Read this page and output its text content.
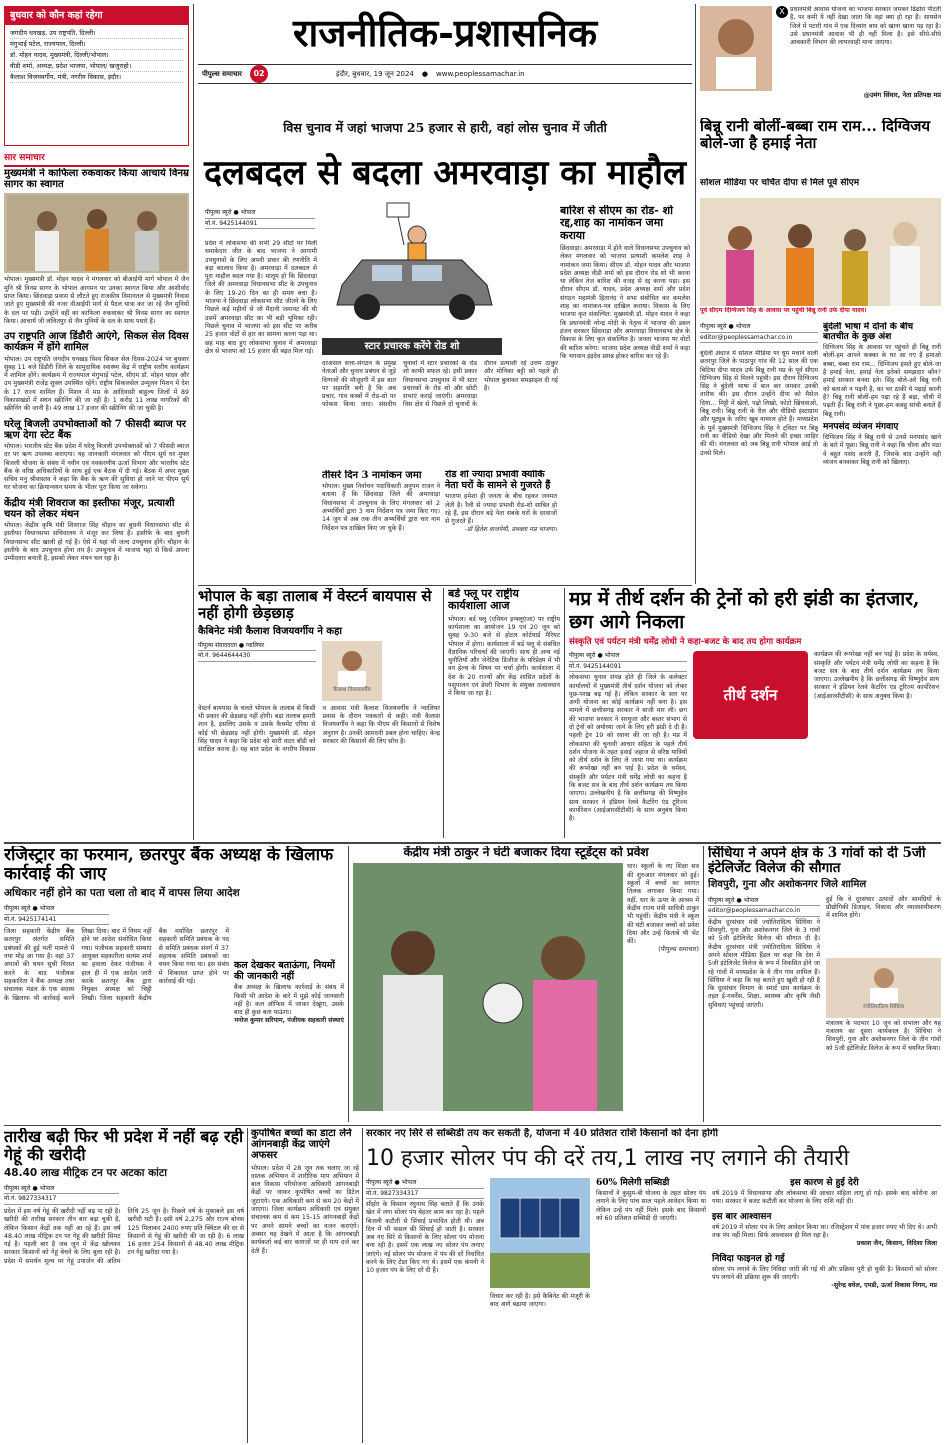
बुधवार को कौन कहां रहेगा
जगदीप धनखड़, उप राष्ट्रपति, दिल्ली।
मंगुभाई पटेल, राज्यपाल, दिल्ली।
डॉ. मोहन यादव, मुख्यमंत्री, दिल्ली/भोपाल।
वीडी शर्मा, अध्यक्ष, प्रदेश भाजपा, भोपाल/ खजुराहो।
कैलाश विजयवर्गीय, मंत्री, नगरीय विकास, इंदौर।
सार समाचार
मुख्यमंत्री ने काफिला रुकवाकर किया आचार्य विनम्र सागर का स्वागत
भोपाल। मुख्यमंत्री डॉ. मोहन यादव ने मंगलवार को बीआईपी मार्ग भोपाल में जैन मुनि श्री विनम्र सागर के भोपाल आगमन पर उनका स्वागत किया और आशीर्वाद प्राप्त किया। छिंदवाड़ा प्रवास से लौटते हुए राजकीय विमानतल से मुख्यमंत्री निवास जाते हुए मुख्यमंत्री की नजर वीआईपी मार्ग से पैदल यात्रा कर जा रहे जैन मुनियों के दल पर पड़ी। उन्होंने वहीं का काफिला रुकवाकर श्री विनम्र सागर का स्वागत किया। आचार्य जी ललितपुर से जैन मुनियों के दल के साथ पधारे हैं।
उप राष्ट्रपति आज डिंडौरी आएंगे, सिकल सेल दिवस कार्यक्रम में होंगे शामिल
भोपाल। उप राष्ट्रपति जगदीप धनखड़ विश्व सिकल सेल दिवस-2024 पर बुधवार सुबह 11 बजे डिंडौरी जिले के सामुदायिक स्वास्थ्य केंद्र में राष्ट्रीय स्तरीय कार्यक्रम में शामिल होंगे। कार्यक्रम में राज्यपाल मंगुभाई पटेल, सीएम डॉ. मोहन यादव और उप मुख्यमंत्री राजेंद्र शुक्ल उपस्थित रहेंगे। राष्ट्रीय सिकलसेल उन्मूलन मिशन में देश के 17 राज्य शामिल हैं। मिशन में मप्र के आदिवासी बाहुल्य जिलों में 89 विकासखंडों में सघन स्क्रीनिंग की जा रही है। 1 करोड़ 11 लाख नागरिकों की स्क्रीनिंग की जानी है। 49 लाख 17 हजार की स्क्रीनिंग की जा चुकी है।
घरेलू बिजली उपभोक्ताओं को 7 फीसदी ब्याज पर ऋण देगा स्टेट बैंक
भोपाल। भारतीय स्टेट बैंक प्रदेश में घरेलू बिजली उपभोक्ताओं को 7 फीसदी ब्याज दर पर ऋण उपलब्ध कराएगा। यह जानकारी मंगलवार को पीएम सूर्य घर मुफ्त बिजली योजना के संबंध में नवीन एवं नवकरणीय ऊर्जा विभाग और भारतीय स्टेट बैंक के वरिष्ठ अधिकारियों के साथ हुई एक बैठक में दी गई। बैठक में अपर मुख्य सचिव मनु श्रीवास्तव ने कहा कि बैंक के ऋण की सुविधा हो जाने पर पीएम सूर्य घर योजना का क्रियान्वयन समय के भीतर पूरा किया जा सकेगा।
केंद्रीय मंत्री शिवराज का इस्तीफा मंजूर, प्रत्याशी चयन को लेकर मंथन
भोपाल। केंद्रीय कृषि मंत्री शिवराज सिंह चौहान का बुधनी विधानसभा सीट से इस्तीफा विधानसभा सचिवालय ने मंजूर कर लिया है। इस्तीफे के बाद बुधनी विधानसभा सीट खाली हो गई है। ऐसे में यहां भी जल्द उपचुनाव होंगे। चौहान के इस्तीफे के बाद उपचुनाव होना तय है। उपचुनाव में भाजपा यहां से किसे अपना उम्मीदवार बनाती है, इसको लेकर मंथन चल रहा है।
राजनीतिक-प्रशासनिक
पीपुल्स समाचार	02	इंदौर, बुधवार, 19 जून 2024 ● www.peoplessamachar.in
विस चुनाव में जहां भाजपा 25 हजार से हारी, वहां लोस चुनाव में जीती
दलबदल से बदला अमरवाड़ा का माहौल
पीपुल्स ब्यूरो ● भोपाल
मो.नं. 9425144091
प्रदेश में लोकसभा की सभी 29 सीटों पर मिली धमाकेदार जीत के बाद भाजपा ने आगामी उपचुनावों के लिए अपनी प्रचार की रणनीति में बड़ा बदलाव किया है। अमरवाड़ा में दलबदल से पूरा माहौल बदल गया है। मालूम हो कि छिंदवाड़ा जिले की अमरवाड़ा विधानसभा सीट के उपचुनाव के लिए 19-20 दिन का ही समय बचा है। भाजपा ने छिंदवाड़ा लोकसभा सीट जीतने के लिए पिछले कई महीनों से जो मैदानी जमावट की थी उसमें अमरवाड़ा सीट का भी बड़ी भूमिका रही। पिछले चुनाव में भाजपा को इस सीट पर करीब 25 हजार वोटों से हार का सामना करना पड़ा था। छह माह बाद हुए लोकसभा चुनाव में अमरवाड़ा क्षेत्र से भाजपा को 15 हजार की बढ़त मिल गई।	स्टार प्रचारक करेंगे रोड शो
दरअसल सत्ता-संगठन के प्रमुख नेताओं और चुनाव प्रबंधन से जुड़े दिग्गजों की मौजूदगी में इस बात पर सहमति बनी है कि अब प्रचार, गांव कस्बों में रोड-शो पर फोकस किया जाए। संसदीय चुनावों में स्टार प्रचारकों के रोड शो काफी सफल रहे। इसी प्रकार विधानसभा उपचुनाव में भी स्टार प्रचारकों के रोड शो और छोटी सभाएं कराई जाएंगी। अमरवाड़ा विस क्षेत्र से पिछले दो चुनावों के दौरान प्रत्याशी रहे उत्तम ठाकुर और मोनिका बट्टी को पहले ही भोपाल बुलाकर समझाइश दी गई है।
बारिश से सीएम का रोड- शो रद्द,शाह का नामांकन जमा कराया
छिंदवाड़ा। अमरवाड़ा में होने वाले विधानसभा उपचुनाव को लेकर मंगलवार को भाजपा प्रत्याशी कमलेश शाह ने नामांकन जमा किया। सीएम डॉ. मोहन यादव और भाजपा प्रदेश अध्यक्ष वीडी शर्मा को इस दौरान रोड शो भी करना था लेकिन तेज बारिश की वजह से रद्द करना पड़ा। इस दौरान सीएम डॉ. यादव, प्रदेश अध्यक्ष शर्मा और प्रदेश संगठन महामंत्री हितानंद ने सभा संबोधित कर कमलेश शाह का नामांकन-पत्र दाखिल कराया। विकास के लिए भाजपा कृत संकल्पित: मुख्यमंत्री डॉ. मोहन यादव ने कहा कि प्रधानमंत्री नरेन्द्र मोदी के नेतृत्व में भाजपा की डबल इंजन सरकार छिंदवाड़ा और अमरवाड़ा विधानसभा क्षेत्र के विकास के लिए कृत संकल्पित है। जनता भाजपा पर वोटों की बारिश करेगा: भाजपा प्रदेश अध्यक्ष वीडी शर्मा ने कहा कि भगवान इंद्रदेव प्रसन्न होकर बारिश कर रहे हैं।
तीसरे दिन 3 नामांकन जमा
भोपाल। मुख्य निर्वाचन पदाधिकारी अनुपम राजन ने बताया है कि छिंदवाड़ा जिले की अमरवाड़ा विधानसभा में उपचुनाव के लिए मंगलवार को 2 अभ्यर्थियों द्वारा 3 नाम निर्देशन पत्र जमा किए गए। 14 जून से अब तक तीन अभ्यर्थियों द्वारा चार नाम निर्देशन पत्र दाखिल किए जा चुके हैं।
रोड शो ज्यादा प्रभावी क्योंकि नेता घरों के सामने से गुजरते हैं
भाजपा हमेशा ही जनता के बीच रहकर जनमत लेती है। रैली से ज्यादा प्रभावी रोड-शो साबित हो रहे हैं, इस दौरान बड़े नेता सबके घरों के दरवाजों से गुजरते हैं।
-डॉ हितेश वाजपेयी, प्रवक्ता मप्र भाजपा।
X प्रधानमंत्री आवास योजना का भाजपा सरकार जमकर ढिंढोरा पीटती है, पर कमी ये नहीं देखा जाता कि वहां क्या हो रहा है। सायसेन जिले में पटारी गांव में एक दिव्यांग बाप को खाना खाना पड़ रहा है। उसे प्रधानमंत्री आवास भी ही नहीं मिला है। इसे सीधे-सीधे आबकारी विभाग की लापरवाही माना जाएगा।
@उमंग सिंघार, नेता प्रतिपक्ष मप्र
बिन्नू रानी बोलीं-बब्बा राम राम... दिग्विजय बोले-जा है हमाई नेता
सोशल मीडिया पर चर्चित दीपा से मिले पूर्व सीएम
पूर्व सीएम दिग्विजय सिंह के आवास पर पहुंचीं बिन्नू रानी उर्फ दीपा यादव।
पीपुल्स ब्यूरो ● भोपाल
editor@peoplessamachar.co.in
बुंदेली अंदाज में सोशल मीडिया पर धूम मचाने वाली छतरपुर जिले के पाठापुर गांव की 12 साल की एक बिटिया दीपा यादव उर्फ बिन्नू रानी मप्र के पूर्व सीएम दिग्विजय सिंह से मिलने पहुंची। इस दौरान दिग्विजय सिंह ने बुंदेली भाषा में बात कर जमकर उनकी तारीफ की। इस दौरान उन्होंने दीपा को मैसेज दिया... मिट्टी में खेलो, पढ़ो लिखो, फोटो खिंचवाओ, बिन्नू रानी। बिन्नू रानी के रील और वीडियो इंस्टाग्राम और यूट्यूब के जरिए खूब वायरल होते हैं। मध्यप्रदेश के पूर्व मुख्यमंत्री दिग्विजय सिंह ने ट्विटर पर बिन्नू रानी का वीडियो देखा और मिलने की इच्छा जाहिर की थी। मंगलवार को जब बिन्नू रानी भोपाल आई तो उनसे मिले।
बुंदेली भाषा में दोनों के बीच बातचीत के कुछ अंश
दिग्विजय सिंह के आवास पर पहुंचते ही बिन्नू रानी बोलीं-हम आपने कक्का के घर आ गए हैं हमाओ बब्बा, बब्बा राम राम... दिग्विजय हंसते हुए बोले-जा है हमाई नेता, हमाई नेता इतेको समझदार कौन? हमाई सरकार बनवा हते। सिंह बोले-अरे बिन्नू रानी को बताओ न पढ़नी है, का भर ठाकी ये पढ़ाई करनी है? बिन्नू रानी बोलीं-हम पढ़ा रहे हैं बढ़ा, चौथी में पढ़ती हैं। बिन्नू रानी ने पूछा-हम कबहु सांची बनाते हैं बिन्नू रानी।
मनपसंद व्यंजन मंगवाए
दिग्विजय सिंह ने बिन्नू रानी से उनसे मनपसंद खाने के बारे में पूछा। बिन्नू रानी ने कहा कि चीला और मठा वे बहुत पसंद करती हैं, जिसके बाद उन्होंने वही व्यंजन बनवाकर बिन्नू रानी को खिलाए।
भोपाल के बड़ा तालाब में वेस्टर्न बायपास से नहीं होगी छेड़छाड़
कैबिनेट मंत्री कैलाश विजयवर्गीय ने कहा
पीपुल्स संवाददाता ● ग्वालियर
मो.नं. 9644644430
कैलाश विजयवर्गीय
वेस्टर्न बायपास के चलते भोपाल के तालाब से किसी भी प्रकार की छेड़छाड़ नहीं होगी। बड़ा तालाब हमारी शान है, इसलिए उसके व उसके कैचमेंट एरिया से कोई भी छेड़छाड़ नहीं होगी। मुख्यमंत्री डॉ. मोहन सिंह यादव ने कहा कि प्रदेश को सारी वाटर बॉडी को संरक्षित करना है। यह बात प्रदेश के नगरीय विकास व आवास मंत्री कैलाश विजयवर्गीय ने ग्वालियर प्रवास के दौरान पत्रकारों से कही। मंत्री कैलाश विजयवर्गीय ने कहा कि पीएम की किसानों से विशेष अनुराग है। उनकी आमदनी डबल होना चाहिए। केन्द्र सरकार की किसानों की लिए सोच है।
बर्ड फ्लू पर राष्ट्रीय कार्यशाला आज
भोपाल। बर्ड फ्लू (एवियन इन्फ्लूएंजा) पर राष्ट्रीय कार्यशाला का आयोजन 19 एवं 20 जून को सुबह 9:30 बजे से होटल कोर्टयार्ड मैरियट भोपाल में होगा। कार्यशाला में बर्ड फ्लू से संबंधित वैज्ञानिक परिचर्चा की जाएगी। साथ ही अन्य नई चुनौतियों और जेनेटिक डिजीज के परिप्रेक्ष्य में भी वन हेल्थ के विषय पर चर्चा होगी। कार्यशाला में देश के 20 राज्यों और केंद्र शासित प्रदेशों के पशुपालन एवं डेयरी विभाग के संयुक्त तत्वावधान में किया जा रहा है।
मप्र में तीर्थ दर्शन की ट्रेनों को हरी झंडी का इंतजार, छग आगे निकला
संस्कृति एवं पर्यटन मंत्री धर्मेंद्र लोधी ने कहा-बजट के बाद तय होगा कार्यक्रम
पीपुल्स ब्यूरो ● भोपाल
मो.नं. 9425144091
लोकसभा चुनाव संपन्न होते ही जिले के कलेक्टर कार्यालयों में मुख्यमंत्री तीर्थ दर्शन योजना को लेकर पूछ-परख बढ़ गई है। लेकिन सरकार के स्तर पर अभी योजना का कोई कार्यक्रम नहीं बना है। इस मामले में छत्तीसगढ़ सरकार ने बाजी मार ली। छग की भाजपा सरकार ने सरयुजा और बस्तर संभाग से दो ट्रेनों को अयोध्या जाने के लिए हरी झंडी दे दी है। पहली ट्रेन 19 को रवाना की जा रही है। मप्र में लोकसभा की चुनावी आचार संहिता के पहले तीर्थ दर्शन योजना के तहत हवाई जहाज से वरिष्ठ यात्रियों को तीर्थ दर्शन के लिए ले जाया गया था। कार्यक्रम की रूपरेखा नहीं बन पाई है। प्रदेश के धर्मस्व, संस्कृति और पर्यटन मंत्री धर्मेंद्र लोधी का कहना है कि बजट सत्र के बाद तीर्थ दर्शन कार्यक्रम तय किया जाएगा। उल्लेखनीय है कि छत्तीसगढ़ की विष्णुदेव साय सरकार ने इंडियन रेलवे कैटरिंग एंड टूरिज्म कार्पोरेशन (आईआरसीटीसी) के साथ अनुबंध किया है।
तीर्थ दर्शन
कार्यक्रम की रूपरेखा नहीं बन पाई है। प्रदेश के धर्मस्व, संस्कृति और पर्यटन मंत्री धर्मेंद्र लोधी का कहना है कि बजट सत्र के बाद तीर्थ दर्शन कार्यक्रम तय किया जाएगा। उल्लेखनीय है कि छत्तीसगढ़ की विष्णुदेव साय सरकार ने इंडियन रेलवे कैटरिंग एंड टूरिज्म कार्पोरेशन (आईआरसीटीसी) के साथ अनुबंध किया है।
रजिस्ट्रार का फरमान, छतरपुर बैंक अध्यक्ष के खिलाफ कार्रवाई की जाए
अधिकार नहीं होने का पता चला तो बाद में वापस लिया आदेश
पीपुल्स ब्यूरो ● भोपाल
मो.नं. 9425174141
जिला सहकारी केंद्रीय बैंक छतरपुर अंतर्गत समिति प्रबंधकों की हुई भर्ती मामले में नया मोड़ आ गया है। वहां 37 अपात्रों की चयन सूची निरस्त करने के बाद पंजीयक सहकारिता ने बैंक अध्यक्ष तथा संचालक मंडल के एक सदस्य के खिलाफ भी कार्रवाई करने लिखा दिया। बाद में नियम नहीं होने पर आदेश संशोधित किया गया। पंजीयक सहकारी संस्थाएं आयुक्त सहकारिता सत्यम शर्मा का हवाला देकर पंजीयक ने हाल ही में एक आदेश जारी करके छतरपुर बैंक द्वारा नियुक्त अध्यक्ष को चिट्ठी लिखी। जिला सहकारी केंद्रीय बैंक मर्यादित छतरपुर में सहकारी समिति प्रबंधक के पद से समिति प्रबंधक संवर्ग में 37 सहायक समिति प्रबंधकों का चयन किया गया था। इस संबंध में शिकायत प्राप्त होने पर कार्रवाई की गई।
कल देखकर बताऊंगा, नियमों की जानकारी नहीं
बैंक अध्यक्ष के खिलाफ कार्रवाई के संबंध में किसी भी आदेश के बारे में मुझे कोई जानकारी नहीं है। कल ऑफिस में जाकर देखूंगा, उसके बाद ही कुछ बता पाऊंगा।
मनोज कुमार सरियाम, पंजीयक सहकारी संस्थाएं
केंद्रीय मंत्री ठाकुर ने घंटी बजाकर दिया स्टूडेंट्स को प्रवेश
धार। स्कूलों के नए शिक्षा सत्र की शुरुआत मंगलवार को हुई। स्कूलों में बच्चों का स्वागत तिलक लगाकर किया गया। वहीं, धार के ऊपर के आश्रम में केंद्रीय राज्य मंत्री सावित्री ठाकुर भी पहुंचीं। केंद्रीय मंत्री ने स्कूल की घंटी बजाकर बच्चों को प्रवेश दिया और उन्हें किताबें भी भेंट कीं।
(पीपुल्स समाचार)
सिंधिया ने अपने क्षेत्र के 3 गांवों को दी 5जी इंटेलिजेंट विलेज की सौगात
शिवपुरी, गुना और अशोकनगर जिले शामिल
पीपुल्स ब्यूरो ● भोपाल
editor@peoplessamachar.co.in
केंद्रीय दूरसंचार मंत्री ज्योतिरादित्य सिंधिया ने शिवपुरी, गुना और अशोकनगर जिले के 3 गांवों को 5जी इंटेलिजेंट विलेज की सौगात दी है। केंद्रीय दूरसंचार मंत्री ज्योतिरादित्य सिंधिया ने अपने सोशल मीडिया हैंडल पर कहा कि देश में 5जी इंटेलिजेंट विलेज के रूप में विकसित होने जा रहे गांवों में मध्यप्रदेश के ये तीन गांव शामिल हैं। सिंधिया ने कहा कि यह बताते हुए खुशी हो रही है कि दूरसंचार विभाग के स्मार्ट ग्राम कार्यक्रम के तहत ई-गवर्नेंस, शिक्षा, स्वास्थ्य और कृषि जैसी सुविधाएं पहुंचाई जाएंगी।
हुई कि वे दूरसंचार उत्पादों और सामग्रियों के प्रौद्योगिकी डिजाइन, विकास और व्यावसायीकरण में शामिल होंगे।
ज्योतिरादित्य सिंधिया
मंत्रालय के पदभार 10 जून को संभाला और यह मंत्रालय का दूसरा कार्यकाल है। सिंधिया ने शिवपुरी, गुना और अशोकनगर जिले के तीन गांवों को 5जी इंटेलिजेंट विलेज के रूप में चयनित किया।
तारीख बढ़ी फिर भी प्रदेश में नहीं बढ़ रही गेहूं की खरीदी
48.40 लाख मीट्रिक टन पर अटका कांटा
पीपुल्स ब्यूरो ● भोपाल
मो.नं. 9827334317
प्रदेश में इस वर्ष गेहूं की खरीदी नहीं बढ़ पा रही है। खरीदी की तारीख सरकार तीन बार बढ़ा चुकी है, लेकिन किसान केंद्रों तक नहीं आ रहे हैं। इस वर्ष 48.40 लाख मीट्रिक टन पर गेहूं की खरीदी सिमट गई है। पहली बार है जब जून में केंद्र खोलकर सरकार किसानों को गेहूं बेचने के लिए बुला रही है। प्रदेश में समर्थन मूल्य पर गेहूं उपार्जन की अंतिम तिथि 25 जून है। पिछले वर्ष के मुकाबले इस वर्ष खरीदी घटी है। इसी वर्ष 2,275 और राज्य बोनस 125 मिलाकर 2400 रुपए प्रति क्विंटल की दर से किसानों से गेहूं की खरीदी की जा रही है। 6 लाख 16 हजार 254 किसानों से 48.40 लाख मीट्रिक टन गेहूं खरीदा गया है।
कुपोषित बच्चों का डाटा लेने आंगनबाड़ी केंद्र जाएंगे अफसर
भोपाल। प्रदेश में 28 जून तक चलाए जा रहे दस्तक अभियान में शारीरिक माप अभियान में बाल विकास परियोजना अधिकारी आंगनबाड़ी केंद्रों पर जाकर कुपोषित बच्चों का डिटेल जुटाएंगे। एक अधिकारी कम से कम 20 केंद्रों में जाएगा। जिला कार्यक्रम अधिकारी एवं संयुक्त संचालक कम से कम 15-15 आंगनबाड़ी केंद्रों पर अपने सामने बच्चों का वजन कराएंगे। अक्सर यह देखने में आता है कि आंगनबाड़ी कार्यकर्ता कई बार कागजों पर ही माप दर्ज कर देती हैं।
सरकार नए सिरे से सब्सिडी तय कर सकती है, योजना में 40 प्रतिशत राशि किसानों को देना होगी
10 हजार सोलर पंप की दरें तय,1 लाख नए लगाने की तैयारी
पीपुल्स ब्यूरो ● भोपाल
मो.नं. 9827334317
सीहोर के किसान रघुनाथ सिंह बताते हैं कि उनके खेत में लगा सोलर पंप बेहतर काम कर रहा है। पहले बिजली कटौती से सिंचाई प्रभावित होती थी। अब दिन में भी फसल की सिंचाई हो जाती है। सरकार अब नए सिरे से किसानों के लिए सोलर पंप योजना बना रही है। इसमें एक लाख नए सोलर पंप लगाए जाएंगे। नई सोलर पंप योजना में पंप की दरें निर्धारित करने के लिए टेंडर किए गए थे। इसमें एक कंपनी ने 10 हजार पंप के लिए दरें दी हैं।
विचार कर रही है। इसे कैबिनेट की मंजूरी के बाद आगे बढ़ाया जाएगा।
60% मिलेगी सब्सिडी
किसानों ने कुसुम-बी योजना के तहत सोलर पंप लगाने के लिए पांच साल पहले आवेदन किया था लेकिन उन्हें पंप नहीं मिले। इसके बाद किसानों को 60 प्रतिशत सब्सिडी दी जाएगी।
इस कारण से हुई देरी
वर्ष 2019 में विधानसभा और लोकसभा की आचार संहिता लागू हो गई। इसके बाद कोरोना आ गया। सरकार ने बजट कटौती कर योजना के लिए राशि नहीं दी।
इस बार आश्वासन
वर्ष 2019 में सोलर पंप के लिए आवेदन किया था। रजिस्ट्रेशन में पांच हजार रुपए भी दिए थे। अभी तक पंप नहीं मिला। सिर्फ आश्वासन ही मिल रहा है।
प्रकाश जैन, किसान, विदिशा जिला
निविदा फाइनल हो गई
सोलर पंप लगाने के लिए निविदा जारी की गई थी और प्रक्रिया पूरी हो चुकी है। किसानों को सोलर पंप लगाने की प्रक्रिया शुरू की जाएगी।
-सुरेन्द्र बघेल, एमडी, ऊर्जा विकास निगम, मप्र
